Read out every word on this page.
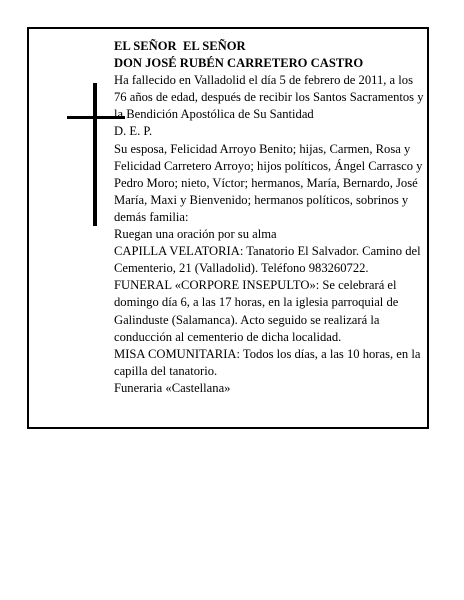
EL SEÑOR  EL SEÑOR

DON JOSÉ RUBÉN CARRETERO CASTRO

Ha fallecido en Valladolid el día 5 de febrero de 2011, a los 76 años de edad, después de recibir los Santos Sacramentos y la Bendición Apostólica de Su Santidad

D. E. P.

Su esposa, Felicidad Arroyo Benito; hijas, Carmen, Rosa y Felicidad Carretero Arroyo; hijos políticos, Ángel Carrasco y Pedro Moro; nieto, Víctor; hermanos, María, Bernardo, José María, Maxi y Bienvenido; hermanos políticos, sobrinos y demás familia:

Ruegan una oración por su alma

CAPILLA VELATORIA: Tanatorio El Salvador. Camino del Cementerio, 21 (Valladolid). Teléfono 983260722.

FUNERAL «CORPORE INSEPULTO»: Se celebrará el domingo día 6, a las 17 horas, en la iglesia parroquial de Galinduste (Salamanca). Acto seguido se realizará la conducción al cementerio de dicha localidad.

MISA COMUNITARIA: Todos los días, a las 10 horas, en la capilla del tanatorio.

Funeraria «Castellana»
